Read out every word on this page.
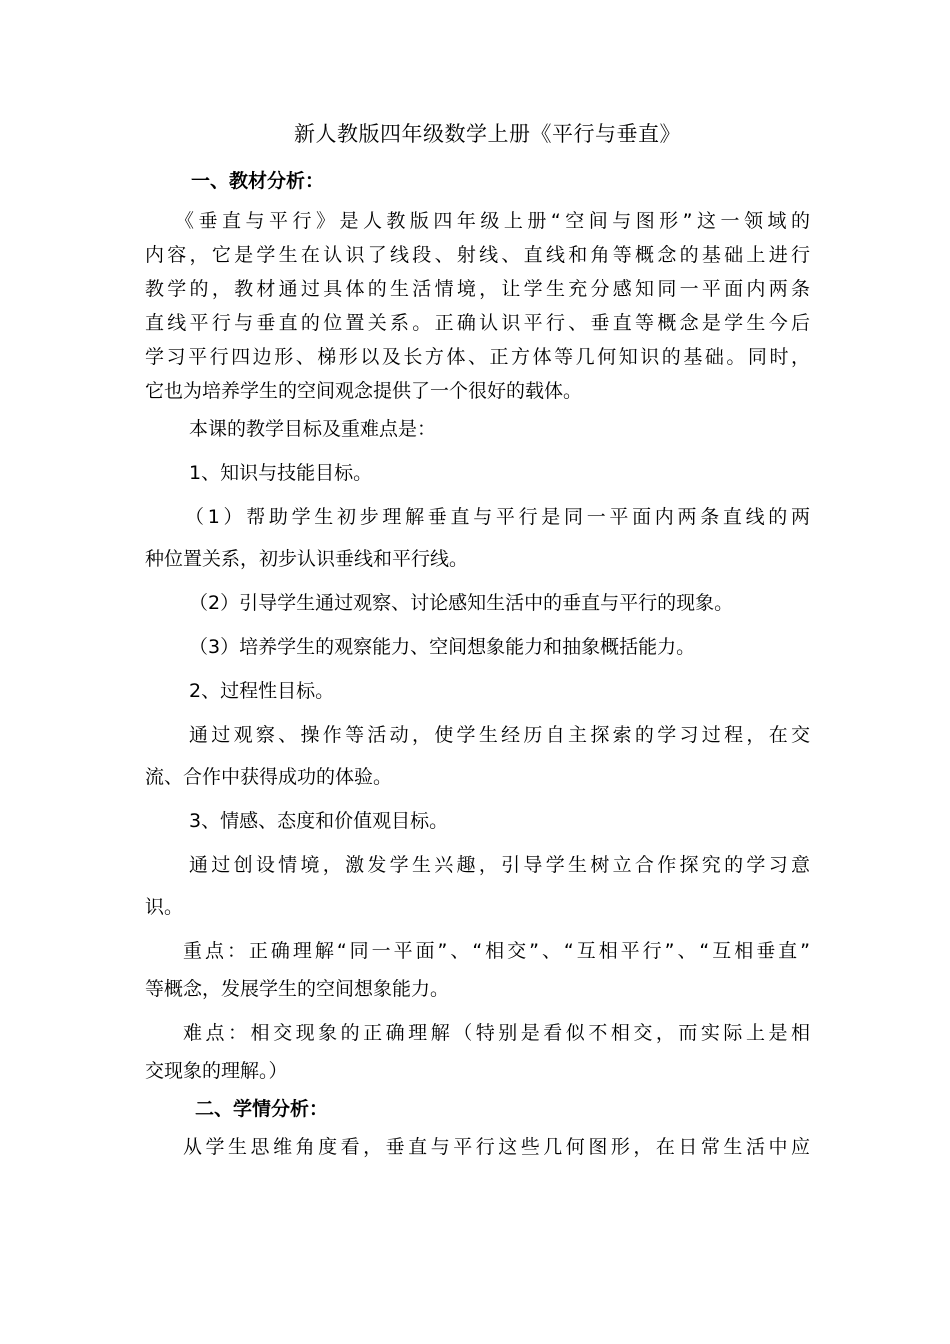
新人教版四年级数学上册《平行与垂直》
一、教材分析：
《垂直与平行》是人教版四年级上册“空间与图形”这一领域的
内容，它是学生在认识了线段、射线、直线和角等概念的基础上进行
教学的，教材通过具体的生活情境，让学生充分感知同一平面内两条
直线平行与垂直的位置关系。正确认识平行、垂直等概念是学生今后
学习平行四边形、梯形以及长方体、正方体等几何知识的基础。同时，
它也为培养学生的空间观念提供了一个很好的载体。
本课的教学目标及重难点是：
1、知识与技能目标。
（1）帮助学生初步理解垂直与平行是同一平面内两条直线的两
种位置关系，初步认识垂线和平行线。
（2）引导学生通过观察、讨论感知生活中的垂直与平行的现象。
（3）培养学生的观察能力、空间想象能力和抽象概括能力。
2、过程性目标。
通过观察、操作等活动，使学生经历自主探索的学习过程，在交
流、合作中获得成功的体验。
3、情感、态度和价值观目标。
通过创设情境，激发学生兴趣，引导学生树立合作探究的学习意
识。
重点：正确理解“同一平面”、“相交”、“互相平行”、“互相垂直”
等概念，发展学生的空间想象能力。
难点：相交现象的正确理解（特别是看似不相交，而实际上是相
交现象的理解。）
二、学情分析：
从学生思维角度看，垂直与平行这些几何图形，在日常生活中应
